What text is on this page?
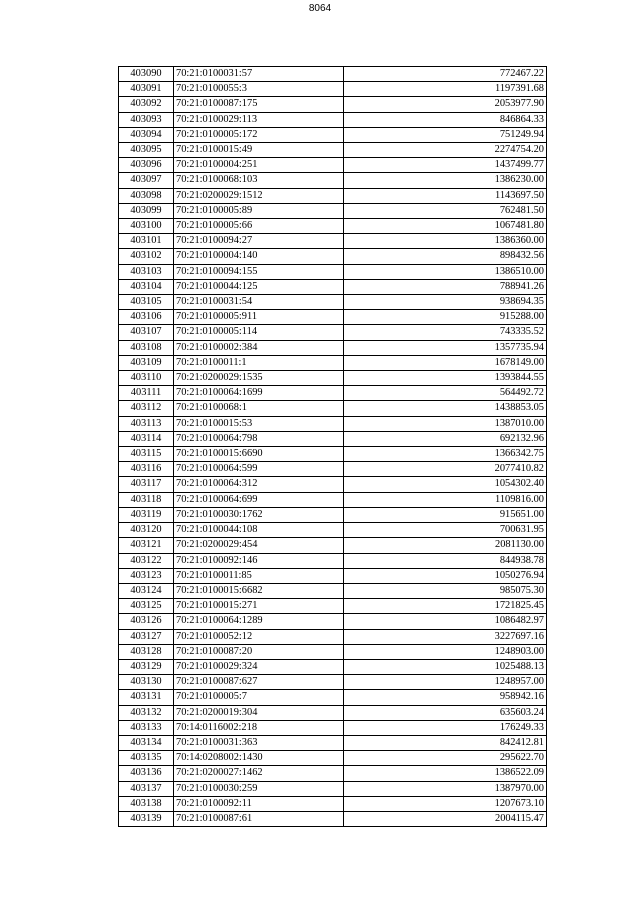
8064
403090	70:21:0100031:57	772467.22
403091	70:21:0100055:3	1197391.68
403092	70:21:0100087:175	2053977.90
403093	70:21:0100029:113	846864.33
403094	70:21:0100005:172	751249.94
403095	70:21:0100015:49	2274754.20
403096	70:21:0100004:251	1437499.77
403097	70:21:0100068:103	1386230.00
403098	70:21:0200029:1512	1143697.50
403099	70:21:0100005:89	762481.50
403100	70:21:0100005:66	1067481.80
403101	70:21:0100094:27	1386360.00
403102	70:21:0100004:140	898432.56
403103	70:21:0100094:155	1386510.00
403104	70:21:0100044:125	788941.26
403105	70:21:0100031:54	938694.35
403106	70:21:0100005:911	915288.00
403107	70:21:0100005:114	743335.52
403108	70:21:0100002:384	1357735.94
403109	70:21:0100011:1	1678149.00
403110	70:21:0200029:1535	1393844.55
403111	70:21:0100064:1699	564492.72
403112	70:21:0100068:1	1438853.05
403113	70:21:0100015:53	1387010.00
403114	70:21:0100064:798	692132.96
403115	70:21:0100015:6690	1366342.75
403116	70:21:0100064:599	2077410.82
403117	70:21:0100064:312	1054302.40
403118	70:21:0100064:699	1109816.00
403119	70:21:0100030:1762	915651.00
403120	70:21:0100044:108	700631.95
403121	70:21:0200029:454	2081130.00
403122	70:21:0100092:146	844938.78
403123	70:21:0100011:85	1050276.94
403124	70:21:0100015:6682	985075.30
403125	70:21:0100015:271	1721825.45
403126	70:21:0100064:1289	1086482.97
403127	70:21:0100052:12	3227697.16
403128	70:21:0100087:20	1248903.00
403129	70:21:0100029:324	1025488.13
403130	70:21:0100087:627	1248957.00
403131	70:21:0100005:7	958942.16
403132	70:21:0200019:304	635603.24
403133	70:14:0116002:218	176249.33
403134	70:21:0100031:363	842412.81
403135	70:14:0208002:1430	295622.70
403136	70:21:0200027:1462	1386522.09
403137	70:21:0100030:259	1387970.00
403138	70:21:0100092:11	1207673.10
403139	70:21:0100087:61	2004115.47
